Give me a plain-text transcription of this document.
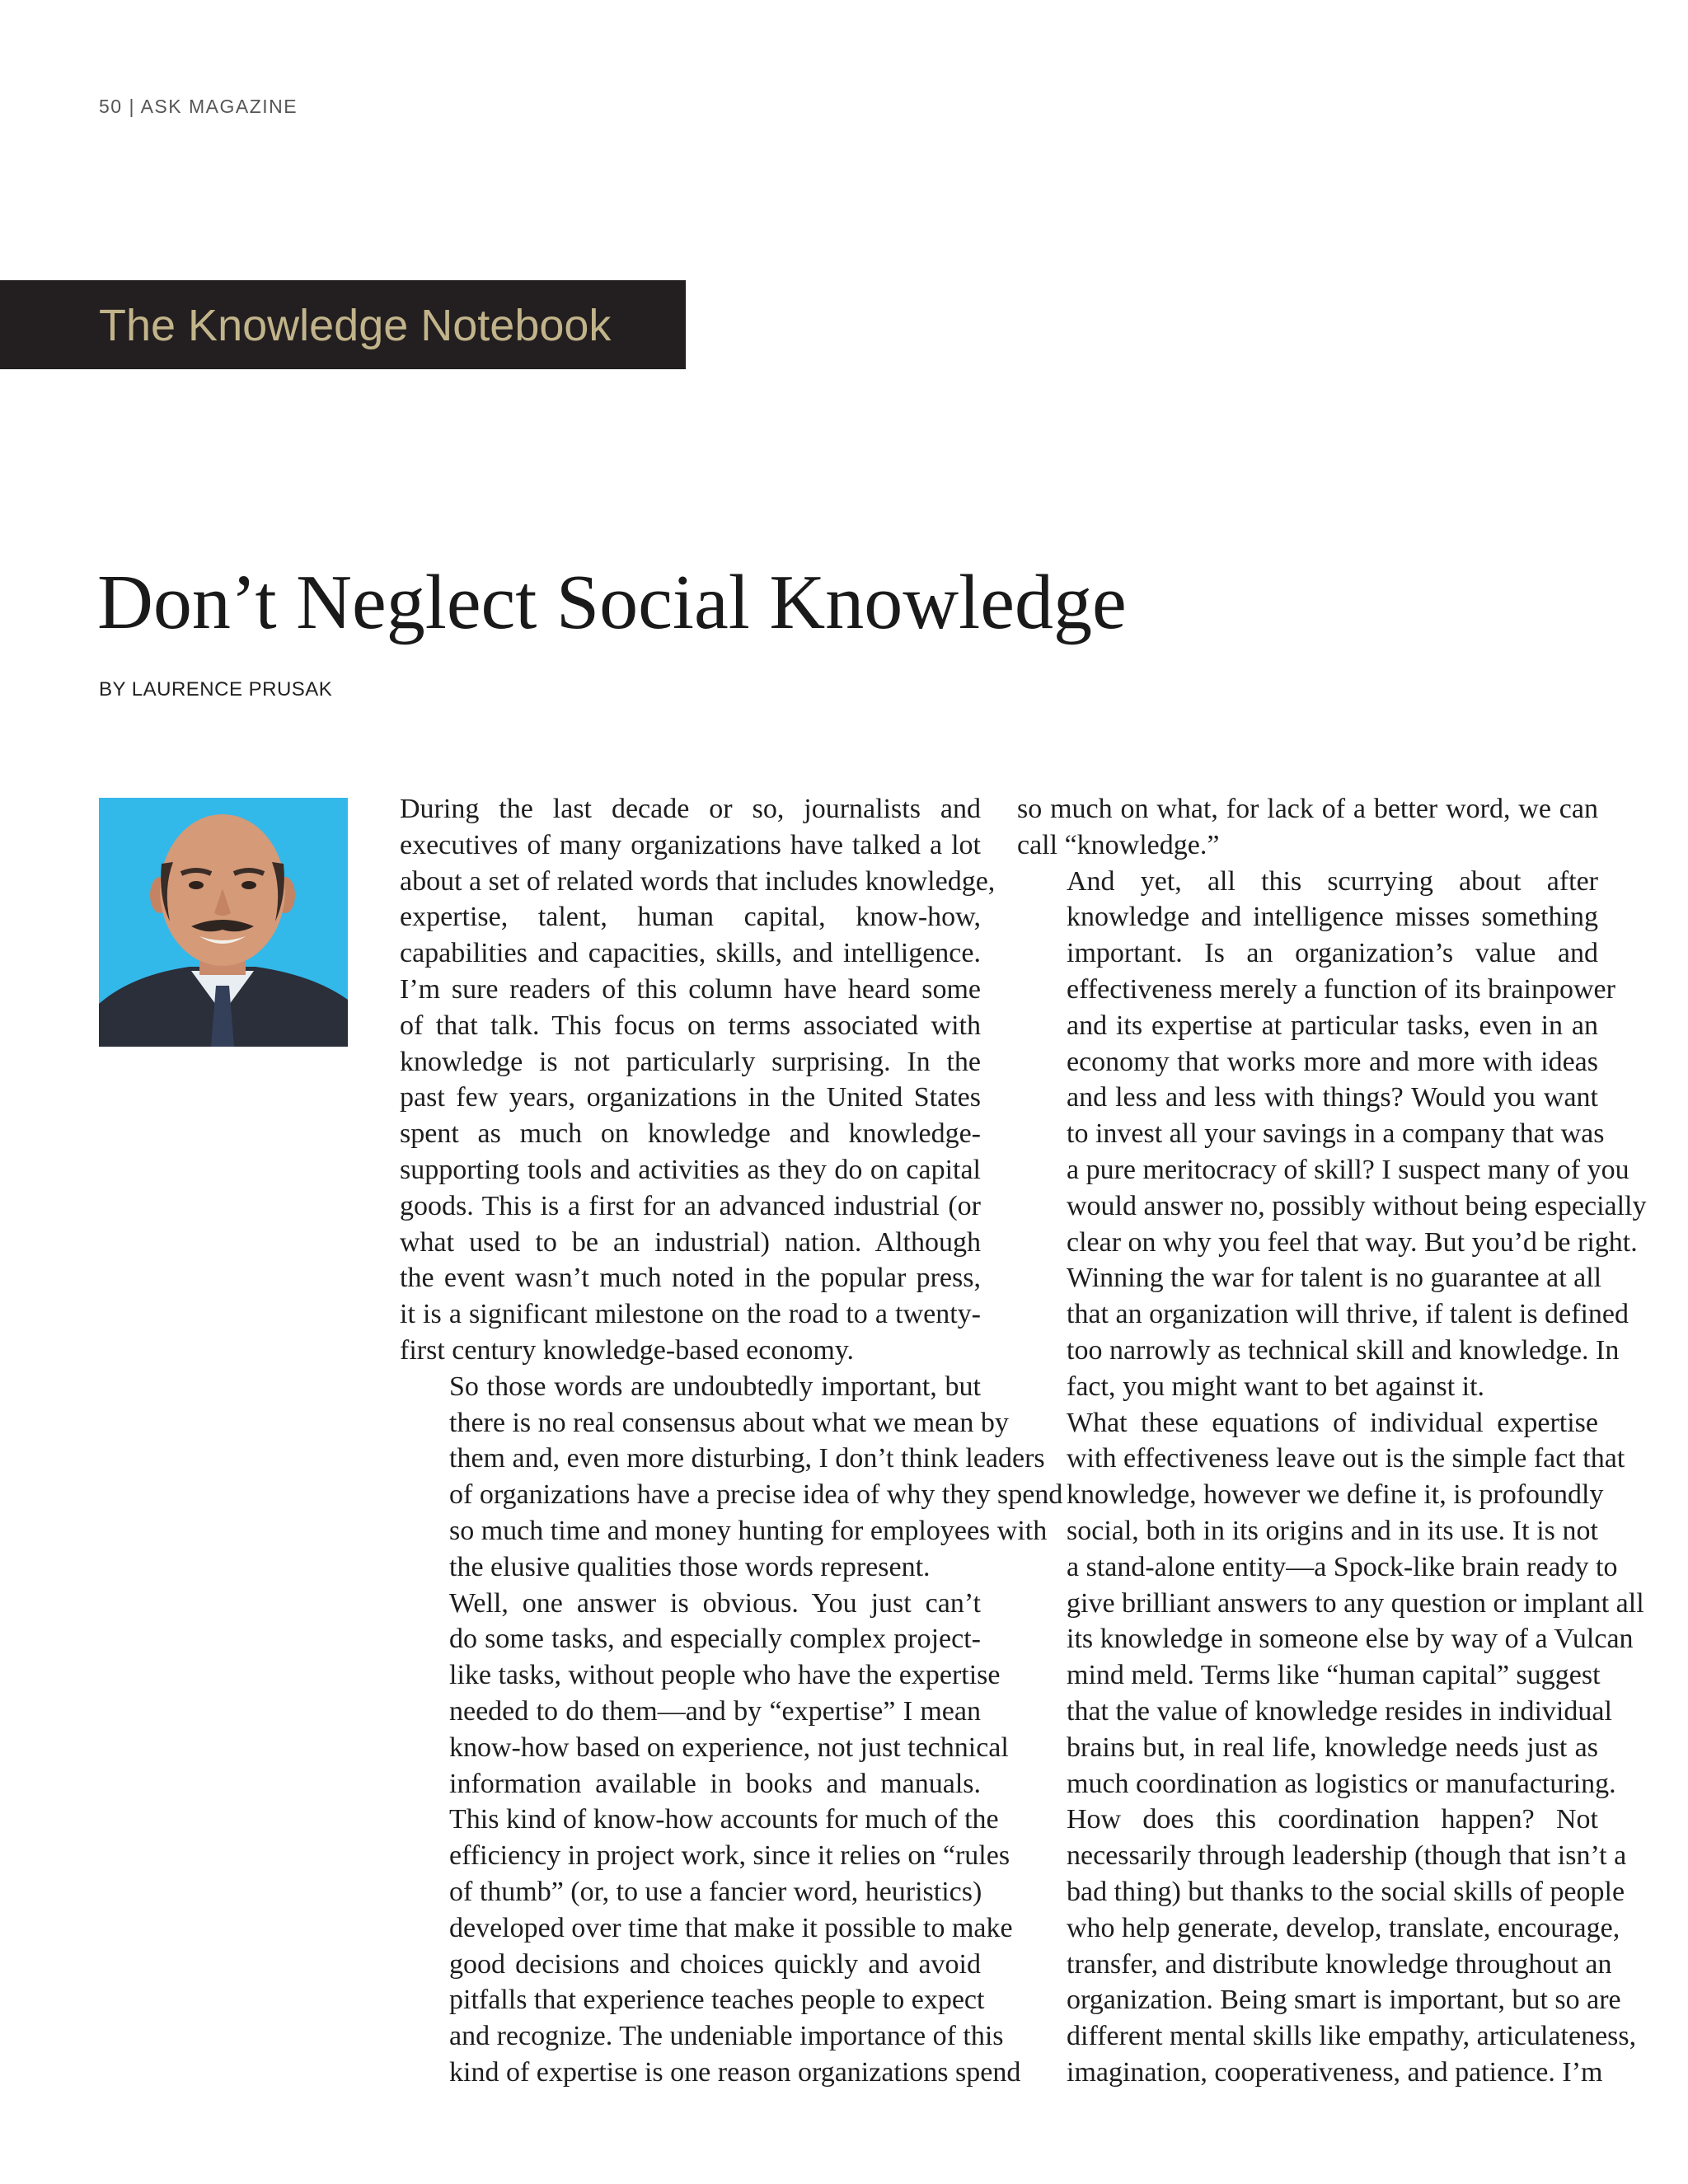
50 | ASK MAGAZINE
The Knowledge Notebook
Don’t Neglect Social Knowledge
BY LAURENCE PRUSAK

During the last decade or so, journalists and
executives of many organizations have talked a lot
about a set of related words that includes knowledge,
expertise, talent, human capital, know-how,
capabilities and capacities, skills, and intelligence.
I’m sure readers of this column have heard some
of that talk. This focus on terms associated with
knowledge is not particularly surprising. In the
past few years, organizations in the United States
spent as much on knowledge and knowledge-
supporting tools and activities as they do on capital
goods. This is a first for an advanced industrial (or
what used to be an industrial) nation. Although
the event wasn’t much noted in the popular press,
it is a significant milestone on the road to a twenty-
first century knowledge-based economy.

So those words are undoubtedly important, but
there is no real consensus about what we mean by
them and, even more disturbing, I don’t think leaders
of organizations have a precise idea of why they spend
so much time and money hunting for employees with
the elusive qualities those words represent.

Well, one answer is obvious. You just can’t
do some tasks, and especially complex project-
like tasks, without people who have the expertise
needed to do them—and by “expertise” I mean
know-how based on experience, not just technical
information available in books and manuals.
This kind of know-how accounts for much of the
efficiency in project work, since it relies on “rules
of thumb” (or, to use a fancier word, heuristics)
developed over time that make it possible to make
good decisions and choices quickly and avoid
pitfalls that experience teaches people to expect
and recognize. The undeniable importance of this
kind of expertise is one reason organizations spend

so much on what, for lack of a better word, we can
call “knowledge.”

And yet, all this scurrying about after
knowledge and intelligence misses something
important. Is an organization’s value and
effectiveness merely a function of its brainpower
and its expertise at particular tasks, even in an
economy that works more and more with ideas
and less and less with things? Would you want
to invest all your savings in a company that was
a pure meritocracy of skill? I suspect many of you
would answer no, possibly without being especially
clear on why you feel that way. But you’d be right.
Winning the war for talent is no guarantee at all
that an organization will thrive, if talent is defined
too narrowly as technical skill and knowledge. In
fact, you might want to bet against it.

What these equations of individual expertise
with effectiveness leave out is the simple fact that
knowledge, however we define it, is profoundly
social, both in its origins and in its use. It is not
a stand-alone entity—a Spock-like brain ready to
give brilliant answers to any question or implant all
its knowledge in someone else by way of a Vulcan
mind meld. Terms like “human capital” suggest
that the value of knowledge resides in individual
brains but, in real life, knowledge needs just as
much coordination as logistics or manufacturing.
How does this coordination happen? Not
necessarily through leadership (though that isn’t a
bad thing) but thanks to the social skills of people
who help generate, develop, translate, encourage,
transfer, and distribute knowledge throughout an
organization. Being smart is important, but so are
different mental skills like empathy, articulateness,
imagination, cooperativeness, and patience. I’m
